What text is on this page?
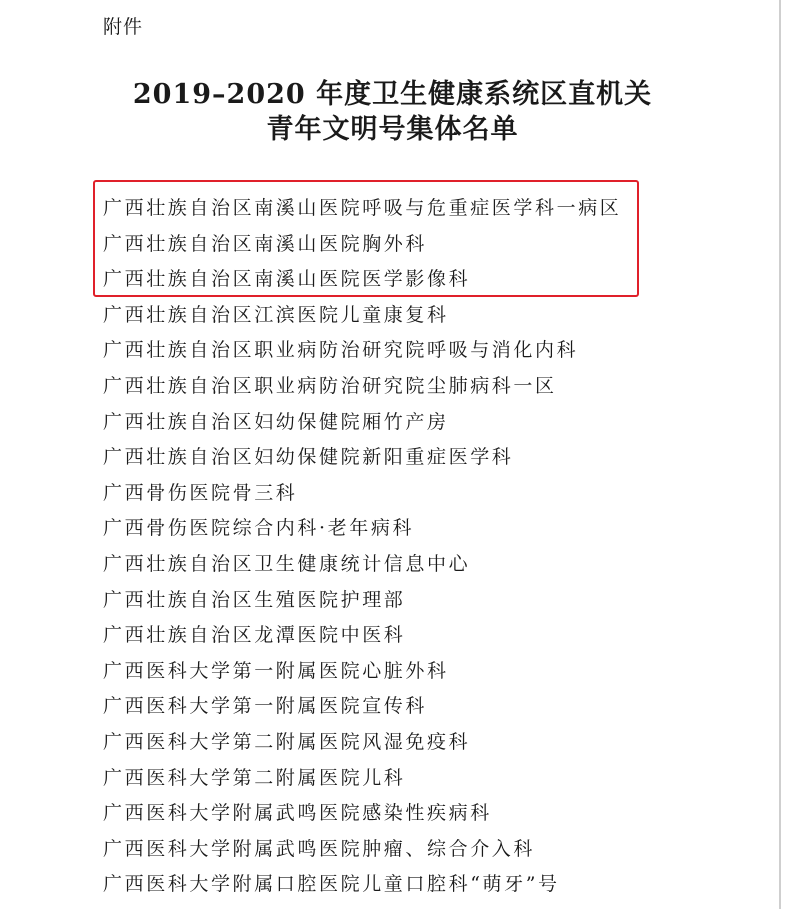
附件
2019–2020 年度卫生健康系统区直机关
青年文明号集体名单
广西壮族自治区南溪山医院呼吸与危重症医学科一病区
广西壮族自治区南溪山医院胸外科
广西壮族自治区南溪山医院医学影像科
广西壮族自治区江滨医院儿童康复科
广西壮族自治区职业病防治研究院呼吸与消化内科
广西壮族自治区职业病防治研究院尘肺病科一区
广西壮族自治区妇幼保健院厢竹产房
广西壮族自治区妇幼保健院新阳重症医学科
广西骨伤医院骨三科
广西骨伤医院综合内科·老年病科
广西壮族自治区卫生健康统计信息中心
广西壮族自治区生殖医院护理部
广西壮族自治区龙潭医院中医科
广西医科大学第一附属医院心脏外科
广西医科大学第一附属医院宣传科
广西医科大学第二附属医院风湿免疫科
广西医科大学第二附属医院儿科
广西医科大学附属武鸣医院感染性疾病科
广西医科大学附属武鸣医院肿瘤、综合介入科
广西医科大学附属口腔医院儿童口腔科“萌牙”号
